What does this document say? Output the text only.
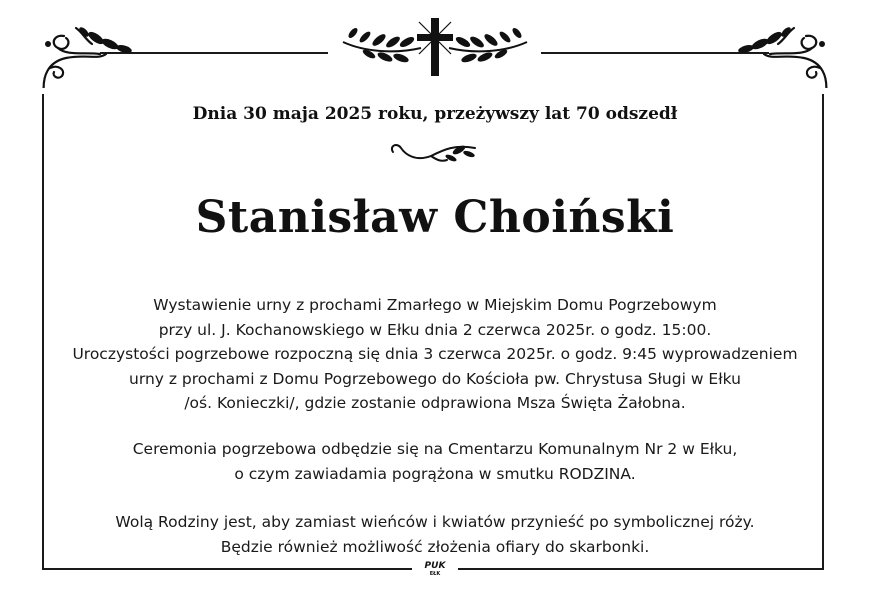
Dnia 30 maja 2025 roku, przeżywszy lat 70 odszedł
Stanisław Choiński
Wystawienie urny z prochami Zmarłego w Miejskim Domu Pogrzebowym
przy ul. J. Kochanowskiego w Ełku dnia 2 czerwca 2025r. o godz. 15:00.
Uroczystości pogrzebowe rozpoczną się dnia 3 czerwca 2025r. o godz. 9:45 wyprowadzeniem
urny z prochami z Domu Pogrzebowego do Kościoła pw. Chrystusa Sługi w Ełku
/oś. Konieczki/, gdzie zostanie odprawiona Msza Święta Żałobna.
Ceremonia pogrzebowa odbędzie się na Cmentarzu Komunalnym Nr 2 w Ełku,
o czym zawiadamia pogrążona w smutku RODZINA.
Wolą Rodziny jest, aby zamiast wieńców i kwiatów przynieść po symbolicznej róży.
Będzie również możliwość złożenia ofiary do skarbonki.
PUK
EŁK
